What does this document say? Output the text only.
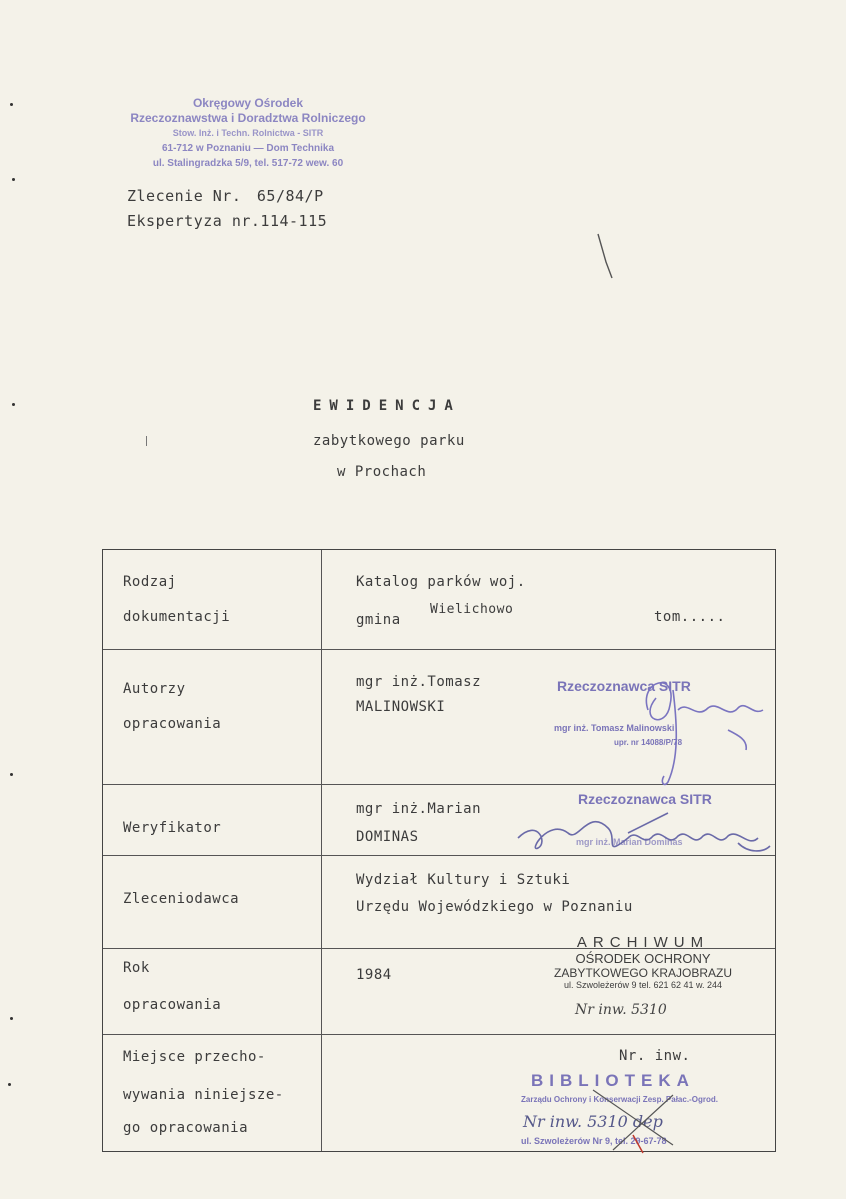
Okręgowy Ośrodek
Rzeczoznawstwa i Doradztwa Rolniczego
Stow. Inż. i Techn. Rolnictwa - SITR
61-712 w Poznaniu — Dom Technika
ul. Stalingradzka 5/9, tel. 517-72 wew. 60
Zlecenie Nr. 65/84/P
Ekspertyza nr.114-115
EWIDENCJA
zabytkowego parku
w Prochach
Rodzaj
dokumentacji
Katalog parków woj.
gmina
Wielichowo	tom.....
Autorzy
opracowania
mgr inż.Tomasz
MALINOWSKI
Rzeczoznawca SITR
mgr inż. Tomasz Malinowski
upr. nr 14088/P/78
Weryfikator
mgr inż.Marian
DOMINAS
Rzeczoznawca SITR
mgr inż. Marian Dominas
Zleceniodawca
Wydział Kultury i Sztuki
Urzędu Wojewódzkiego w Poznaniu
Rok
opracowania
1984
ARCHIWUM
OŚRODEK OCHRONY
ZABYTKOWEGO KRAJOBRAZU
ul. Szwoleżerów 9 tel. 621 62 41 w. 244
Nr inw. 5310
Miejsce przecho-
wywania niniejsze-
go opracowania
Nr. inw.
BIBLIOTEKA
Zarządu Ochrony i Konserwacji Zesp. Pałac.-Ogrod.
ul. Szwoleżerów Nr 9, tel. 29-67-78
Nr inw. 5310 dep
